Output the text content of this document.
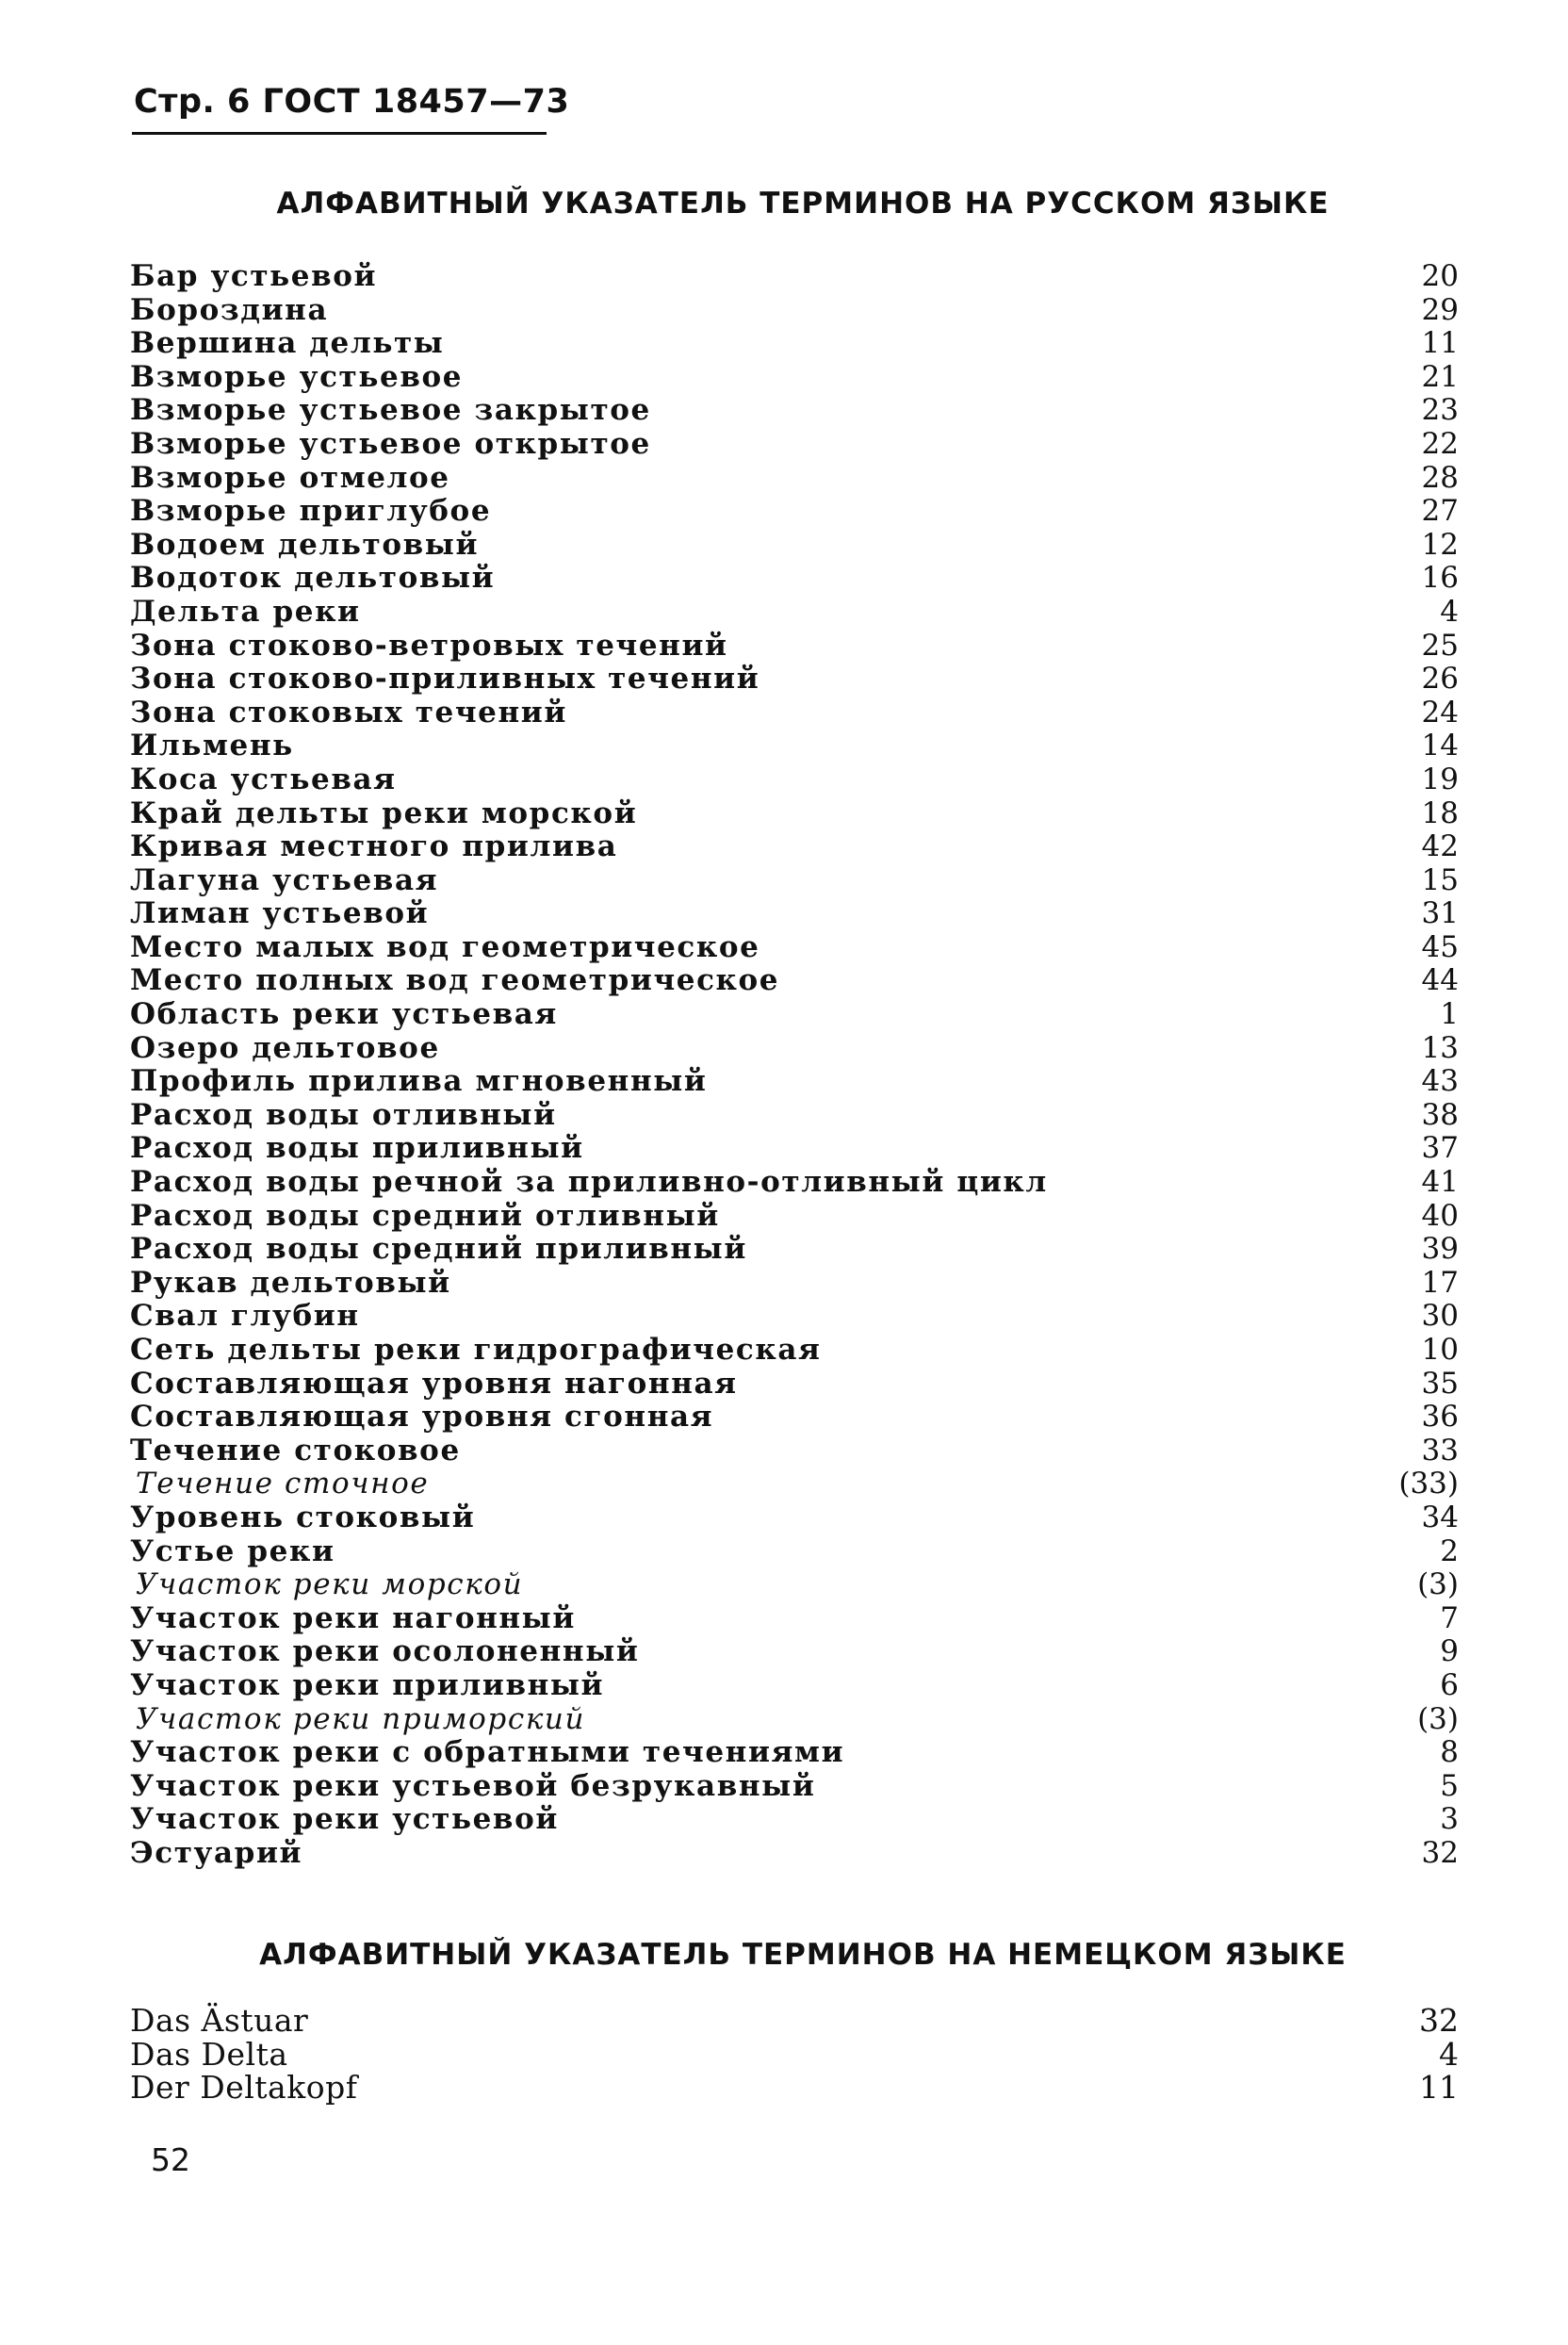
Стр. 6 ГОСТ 18457—73
АЛФАВИТНЫЙ УКАЗАТЕЛЬ ТЕРМИНОВ НА РУССКОМ ЯЗЫКЕ
Бар устьевой	20
Бороздина	29
Вершина дельты	11
Взморье устьевое	21
Взморье устьевое закрытое	23
Взморье устьевое открытое	22
Взморье отмелое	28
Взморье приглубое	27
Водоем дельтовый	12
Водоток дельтовый	16
Дельта реки	4
Зона стоково-ветровых течений	25
Зона стоково-приливных течений	26
Зона стоковых течений	24
Ильмень	14
Коса устьевая	19
Край дельты реки морской	18
Кривая местного прилива	42
Лагуна устьевая	15
Лиман устьевой	31
Место малых вод геометрическое	45
Место полных вод геометрическое	44
Область реки устьевая	1
Озеро дельтовое	13
Профиль прилива мгновенный	43
Расход воды отливный	38
Расход воды приливный	37
Расход воды речной за приливно-отливный цикл	41
Расход воды средний отливный	40
Расход воды средний приливный	39
Рукав дельтовый	17
Свал глубин	30
Сеть дельты реки гидрографическая	10
Составляющая уровня нагонная	35
Составляющая уровня сгонная	36
Течение стоковое	33
Течение сточное	(33)
Уровень стоковый	34
Устье реки	2
Участок реки морской	(3)
Участок реки нагонный	7
Участок реки осолоненный	9
Участок реки приливный	6
Участок реки приморский	(3)
Участок реки с обратными течениями	8
Участок реки устьевой безрукавный	5
Участок реки устьевой	3
Эстуарий	32
АЛФАВИТНЫЙ УКАЗАТЕЛЬ ТЕРМИНОВ НА НЕМЕЦКОМ ЯЗЫКЕ
Das Ästuar	32
Das Delta	4
Der Deltakopf	11
52
